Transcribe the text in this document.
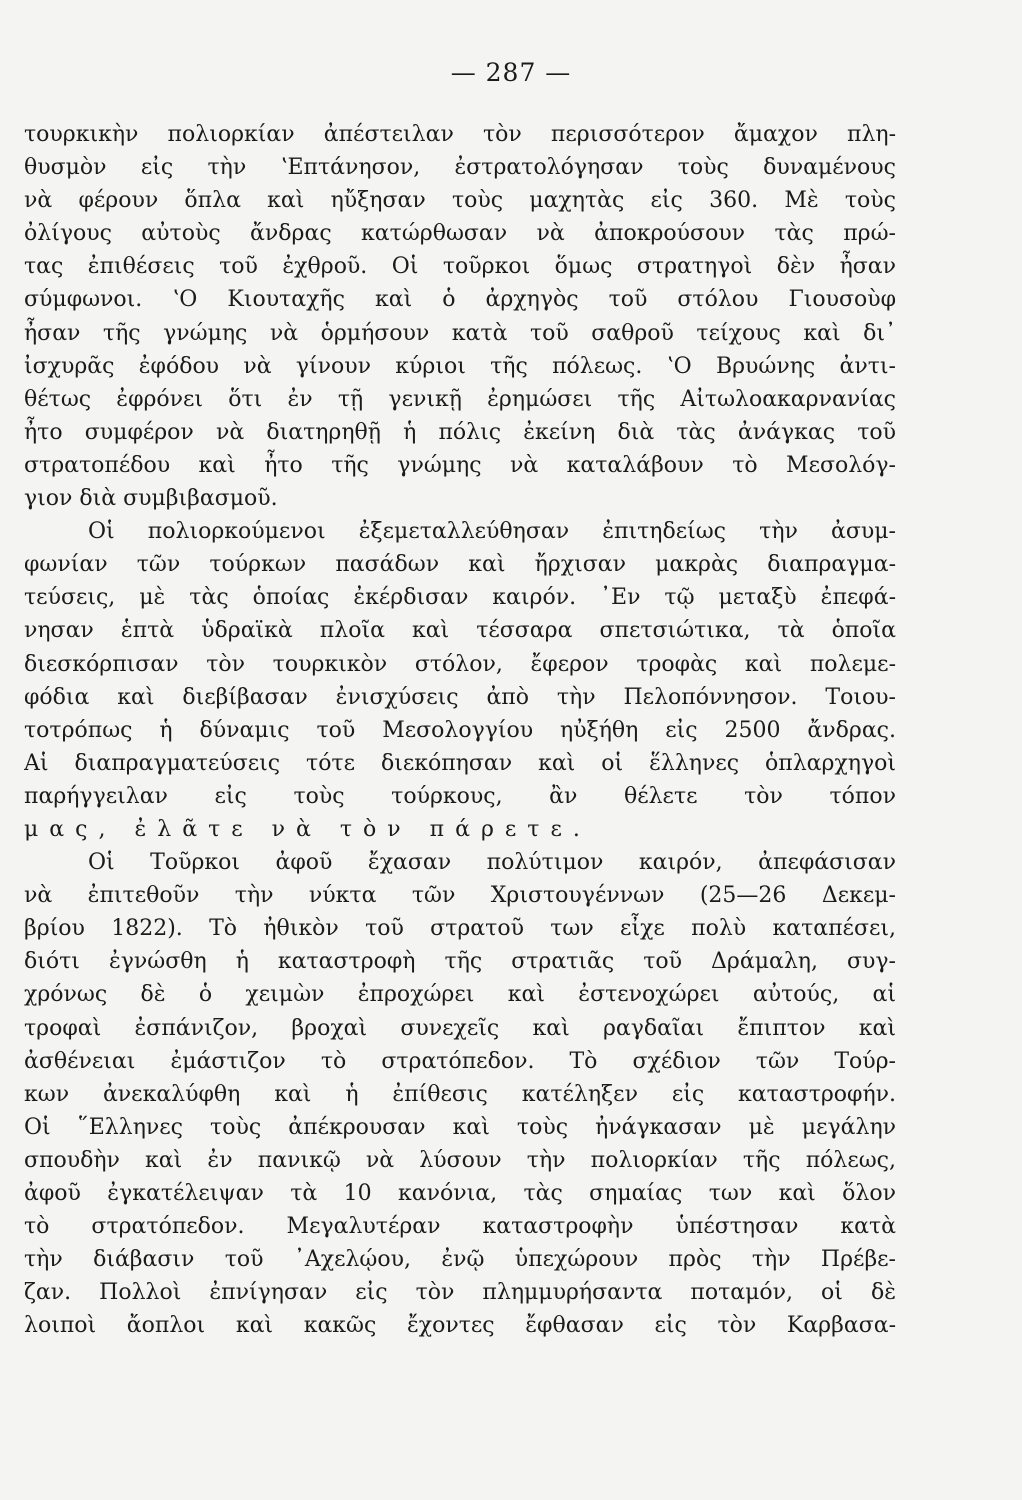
— 287 —
τουρκικὴν πολιορκίαν ἀπέστειλαν τὸν περισσότερον ἄμαχον πλη-
θυσμὸν εἰς τὴν ʽΕπτάνησον, ἐστρατολόγησαν τοὺς δυναμένους
νὰ φέρουν ὅπλα καὶ ηὔξησαν τοὺς μαχητὰς εἰς 360. Μὲ τοὺς
ὀλίγους αὐτοὺς ἄνδρας κατώρθωσαν νὰ ἀποκρούσουν τὰς πρώ-
τας ἐπιθέσεις τοῦ ἐχθροῦ. Οἱ τοῦρκοι ὅμως στρατηγοὶ δὲν ἦσαν
σύμφωνοι. ʽΟ Κιουταχῆς καὶ ὁ ἀρχηγὸς τοῦ στόλου Γιουσοὺφ
ἦσαν τῆς γνώμης νὰ ὁρμήσουν κατὰ τοῦ σαθροῦ τείχους καὶ δι᾿
ἰσχυρᾶς ἐφόδου νὰ γίνουν κύριοι τῆς πόλεως. ʽΟ Βρυώνης ἀντι-
θέτως ἐφρόνει ὅτι ἐν τῇ γενικῇ ἐρημώσει τῆς Αἰτωλοακαρνανίας
ἦτο συμφέρον νὰ διατηρηθῇ ἡ πόλις ἐκείνη διὰ τὰς ἀνάγκας τοῦ
στρατοπέδου καὶ ἦτο τῆς γνώμης νὰ καταλάβουν τὸ Μεσολόγ-
γιον διὰ συμβιβασμοῦ.
Οἱ πολιορκούμενοι ἐξεμεταλλεύθησαν ἐπιτηδείως τὴν ἀσυμ-
φωνίαν τῶν τούρκων πασάδων καὶ ἤρχισαν μακρὰς διαπραγμα-
τεύσεις, μὲ τὰς ὁποίας ἐκέρδισαν καιρόν. ᾿Εν τῷ μεταξὺ ἐπεφά-
νησαν ἑπτὰ ὑδραϊκὰ πλοῖα καὶ τέσσαρα σπετσιώτικα, τὰ ὁποῖα
διεσκόρπισαν τὸν τουρκικὸν στόλον, ἔφερον τροφὰς καὶ πολεμε-
φόδια καὶ διεβίβασαν ἐνισχύσεις ἀπὸ τὴν Πελοπόννησον. Τοιου-
τοτρόπως ἡ δύναμις τοῦ Μεσολογγίου ηὐξήθη εἰς 2500 ἄνδρας.
Αἱ διαπραγματεύσεις τότε διεκόπησαν καὶ οἱ ἕλληνες ὁπλαρχηγοὶ
παρήγγειλαν εἰς τοὺς τούρκους, ἂν θέλετε τὸν τόπον
μας, ἐλᾶτε νὰ τὸν πάρετε.
Οἱ Τοῦρκοι ἀφοῦ ἔχασαν πολύτιμον καιρόν, ἀπεφάσισαν
νὰ ἐπιτεθοῦν τὴν νύκτα τῶν Χριστουγέννων (25—26 Δεκεμ-
βρίου 1822). Τὸ ἠθικὸν τοῦ στρατοῦ των εἶχε πολὺ καταπέσει,
διότι ἐγνώσθη ἡ καταστροφὴ τῆς στρατιᾶς τοῦ Δράμαλη, συγ-
χρόνως δὲ ὁ χειμὼν ἐπροχώρει καὶ ἐστενοχώρει αὐτούς, αἱ
τροφαὶ ἐσπάνιζον, βροχαὶ συνεχεῖς καὶ ραγδαῖαι ἔπιπτον καὶ
ἀσθένειαι ἐμάστιζον τὸ στρατόπεδον. Τὸ σχέδιον τῶν Τούρ-
κων ἀνεκαλύφθη καὶ ἡ ἐπίθεσις κατέληξεν εἰς καταστροφήν.
Οἱ ῞Ελληνες τοὺς ἀπέκρουσαν καὶ τοὺς ἠνάγκασαν μὲ μεγάλην
σπουδὴν καὶ ἐν πανικῷ νὰ λύσουν τὴν πολιορκίαν τῆς πόλεως,
ἀφοῦ ἐγκατέλειψαν τὰ 10 κανόνια, τὰς σημαίας των καὶ ὅλον
τὸ στρατόπεδον. Μεγαλυτέραν καταστροφὴν ὑπέστησαν κατὰ
τὴν διάβασιν τοῦ ᾿Αχελῴου, ἐνῷ ὑπεχώρουν πρὸς τὴν Πρέβε-
ζαν. Πολλοὶ ἐπνίγησαν εἰς τὸν πλημμυρήσαντα ποταμόν, οἱ δὲ
λοιποὶ ἄοπλοι καὶ κακῶς ἔχοντες ἔφθασαν εἰς τὸν Καρβασα-
